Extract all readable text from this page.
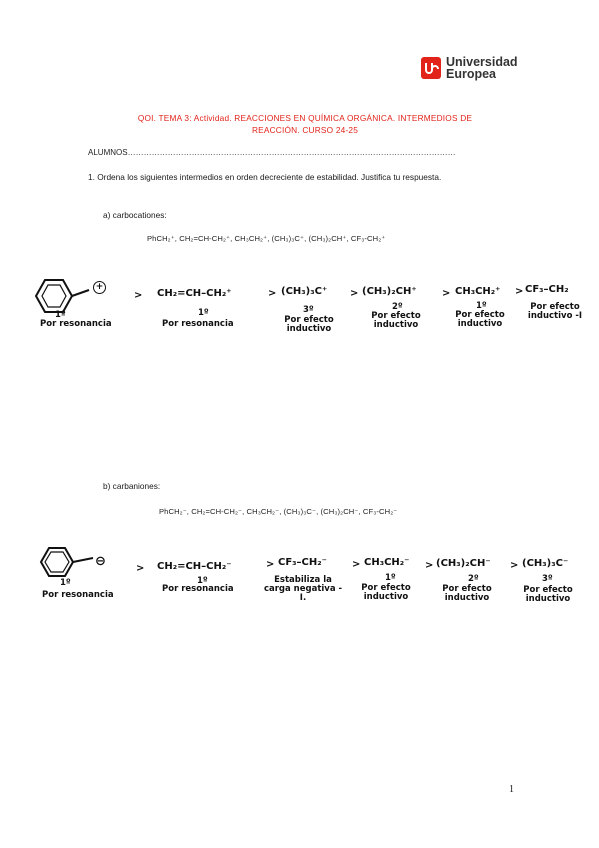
Universidad
Europea
QOI. TEMA 3: Actividad. REACCIONES EN QUÍMICA ORGÁNICA. INTERMEDIOS DE
REACCIÓN. CURSO 24-25
ALUMNOS……………………………………………………………………………………………………………
1. Ordena los siguientes intermedios en orden decreciente de estabilidad. Justifica tu respuesta.
a) carbocationes:
PhCH₂⁺, CH₂=CH-CH₂⁺, CH₃CH₂⁺, (CH₃)₃C⁺, (CH₃)₂CH⁺, CF₃-CH₂⁺
+
1º
Por resonancia
> CH₂=CH–CH₂⁺
1º
Por resonancia
> (CH₃)₃C⁺
3º
Por efecto inductivo
> (CH₃)₂CH⁺
2º
Por efecto inductivo
> CH₃CH₂⁺
1º
Por efecto inductivo
> CF₃–CH₂
Por efecto inductivo -I
b) carbaniones:
PhCH₂⁻, CH₂=CH-CH₂⁻, CH₃CH₂⁻, (CH₃)₃C⁻, (CH₃)₂CH⁻, CF₃-CH₂⁻
⊖
1º
Por resonancia
> CH₂=CH–CH₂⁻
1º
Por resonancia
> CF₃–CH₂⁻
Estabiliza la carga negativa -I.
> CH₃CH₂⁻
1º
Por efecto inductivo
> (CH₃)₂CH⁻
2º
Por efecto inductivo
> (CH₃)₃C⁻
3º
Por efecto inductivo
1
